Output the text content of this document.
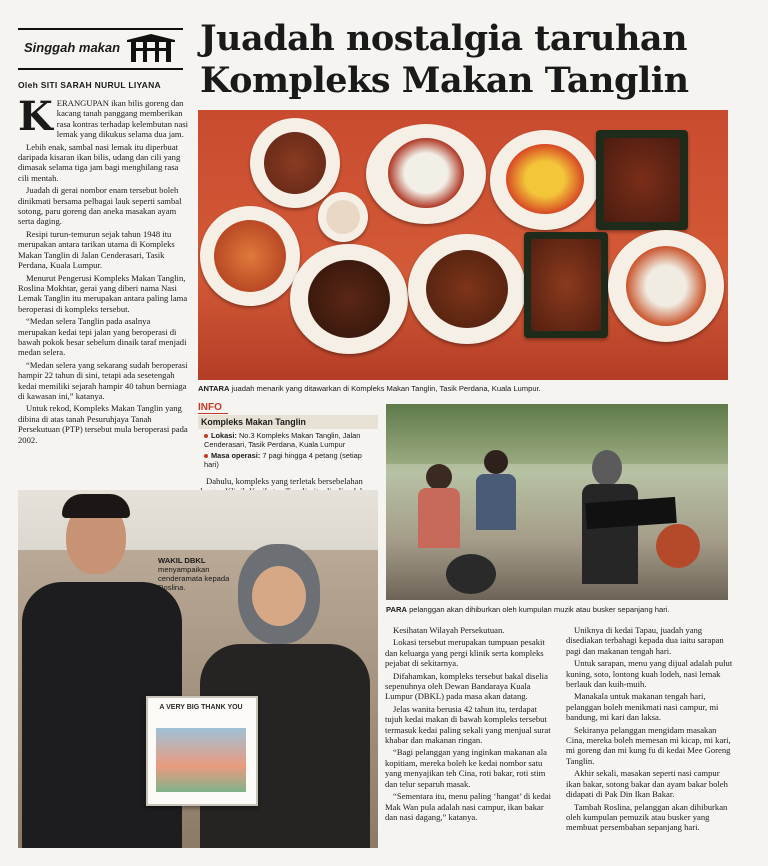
Singgah makan Juadah nostalgia taruhan
Kompleks Makan Tanglin
Oleh SITI SARAH NURUL LIYANA
K ERANGUPAN ikan bilis goreng dan kacang tanah panggang memberikan rasa kontras terhadap kelembutan nasi lemak yang dikukus selama dua jam.

Lebih enak, sambal nasi lemak itu diperbuat daripada kisaran ikan bilis, udang dan cili yang dimasak selama tiga jam bagi menghilang rasa cili mentah.

Juadah di gerai nombor enam tersebut boleh dinikmati bersama pelbagai lauk seperti sambal sotong, paru goreng dan aneka masakan ayam serta daging.

Resipi turun-temurun sejak tahun 1948 itu merupakan antara tarikan utama di Kompleks Makan Tanglin di Jalan Cenderasari, Tasik Perdana, Kuala Lumpur.

Menurut Pengerusi Kompleks Makan Tanglin, Roslina Mokhtar, gerai yang diberi nama Nasi Lemak Tanglin itu merupakan antara paling lama beroperasi di kompleks tersebut.

“Medan selera Tanglin pada asalnya merupakan kedai tepi jalan yang beroperasi di bawah pokok besar sebelum dinaik taraf menjadi medan selera.

“Medan selera yang sekarang sudah beroperasi hampir 22 tahun di sini, tetapi ada sesetengah kedai memiliki sejarah hampir 40 tahun berniaga di kawasan ini,” katanya.

Untuk rekod, Kompleks Makan Tanglin yang dibina di atas tanah Pesuruhjaya Tanah Persekutuan (PTP) tersebut mula beroperasi pada 2002.

ANTARA juadah menarik yang ditawarkan di Kompleks Makan Tanglin, Tasik Perdana, Kuala Lumpur.
INFO
Kompleks Makan Tanglin
Lokasi: No.3 Kompleks Makan Tanglin, Jalan Cenderasari, Tasik Perdana, Kuala Lumpur
Masa operasi: 7 pagi hingga 4 petang (setiap hari)

Dahulu, kompleks yang terletak bersebelahan

PARA pelanggan akan dihiburkan oleh kumpulan muzik atau busker sepanjang hari.
A VERY BIG THANK YOU
WAKIL DBKL menyampaikan cenderamata kepada Roslina.

Kesihatan Wilayah Persekutuan.

Lokasi tersebut merupakan tumpuan pesakit dan keluarga yang pergi klinik serta kompleks pejabat di sekitarnya.

Difahamkan, kompleks tersebut bakal diselia sepenuhnya oleh Dewan Bandaraya Kuala Lumpur (DBKL) pada masa akan datang.

Jelas wanita berusia 42 tahun itu, terdapat tujuh kedai makan di bawah kompleks tersebut termasuk kedai paling sekali yang menjual surat khabar dan makanan ringan.

“Bagi pelanggan yang inginkan makanan ala kopitiam, mereka boleh ke kedai nombor satu yang menyajikan teh Cina, roti bakar, roti stim dan telur separuh masak.

“Sementara itu, menu paling ‘hangat’ di kedai Mak Wan pula adalah nasi campur, ikan bakar dan nasi dagang,” katanya.

Uniknya di kedai Tapau, juadah yang disediakan terbahagi kepada dua iaitu sarapan pagi dan makanan tengah hari.

Untuk sarapan, menu yang dijual adalah pulut kuning, soto, lontong kuah lodeh, nasi lemak berlauk dan kuih-muih.

Manakala untuk makanan tengah hari, pelanggan boleh menikmati nasi campur, mi bandung, mi kari dan laksa.

Sekiranya pelanggan mengidam masakan Cina, mereka boleh memesan mi kicap, mi kari, mi goreng dan mi kung fu di kedai Mee Goreng Tanglin.

Akhir sekali, masakan seperti nasi campur ikan bakar, sotong bakar dan ayam bakar boleh didapati di Pak Din Ikan Bakar.

Tambah Roslina, pelanggan akan dihiburkan oleh kumpulan pemuzik atau busker yang membuat persembahan sepanjang hari.
